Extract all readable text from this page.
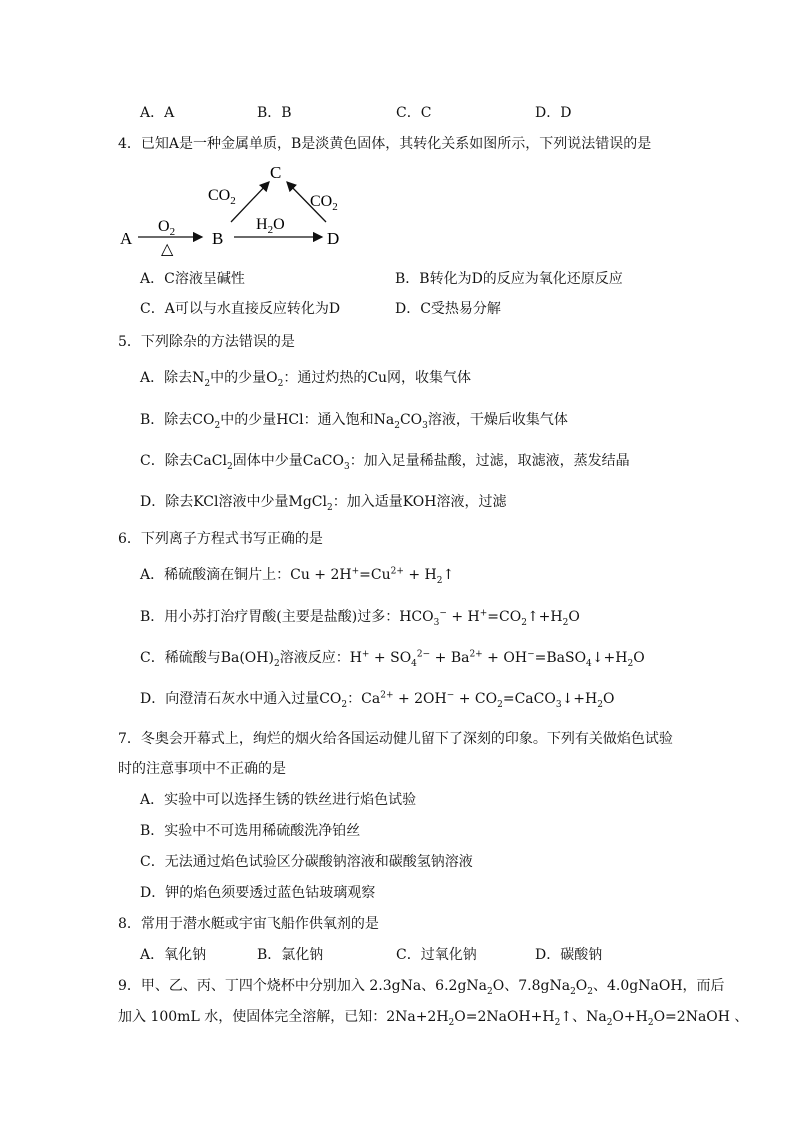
A．A	B．B	C．C	D．D
4．已知A是一种金属单质，B是淡黄色固体，其转化关系如图所示，下列说法错误的是
A
$O_2$
△
B
$H_2O$
D
C
$CO_2$	$CO_2$
A．C溶液呈碱性	B．B转化为D的反应为氧化还原反应
C．A可以与水直接反应转化为D	D．C受热易分解
5．下列除杂的方法错误的是
A．除去$N_2$中的少量$O_2$：通过灼热的Cu网，收集气体
B．除去$CO_2$中的少量HCl：通入饱和$Na_2CO_3$溶液，干燥后收集气体
C．除去CaCl$_2$固体中少量CaCO$_3$：加入足量稀盐酸，过滤，取滤液，蒸发结晶
D．除去KCl溶液中少量MgCl$_2$：加入适量KOH溶液，过滤
6．下列离子方程式书写正确的是
A．稀硫酸滴在铜片上：$Cu + 2H^+=Cu^{2+}$ + $H_2↑$
B．用小苏打治疗胃酸(主要是盐酸)过多：$HCO_3^-$ + $H^+=CO_2↑+H_2O$
C．稀硫酸与$Ba(OH)_2$溶液反应：$H^+ + SO_4^{2-} + Ba^{2+}$ + $OH^-=BaSO_4↓+H_2O$
D．向澄清石灰水中通入过量$CO_2$：$Ca^{2+} + 2OH^-$ + $CO_2=CaCO_3↓+H_2O$
7．冬奥会开幕式上，绚烂的烟火给各国运动健儿留下了深刻的印象。下列有关做焰色试验
时的注意事项中不正确的是
A．实验中可以选择生锈的铁丝进行焰色试验
B．实验中不可选用稀硫酸洗净铂丝
C．无法通过焰色试验区分碳酸钠溶液和碳酸氢钠溶液
D．钾的焰色须要透过蓝色钴玻璃观察
8．常用于潜水艇或宇宙飞船作供氧剂的是
A．氧化钠	B．氯化钠	C．过氧化钠	D．碳酸钠
9．甲、乙、丙、丁四个烧杯中分别加入 2.3gNa、6.2gNa$_2$O、$7.8gNa_2O_2$、4.0gNaOH，而后
加入 100mL 水，使固体完全溶解，已知：$2Na+2H_2O=2NaOH+H_2↑$、$Na_2O+H_2O=2NaOH$ 、
